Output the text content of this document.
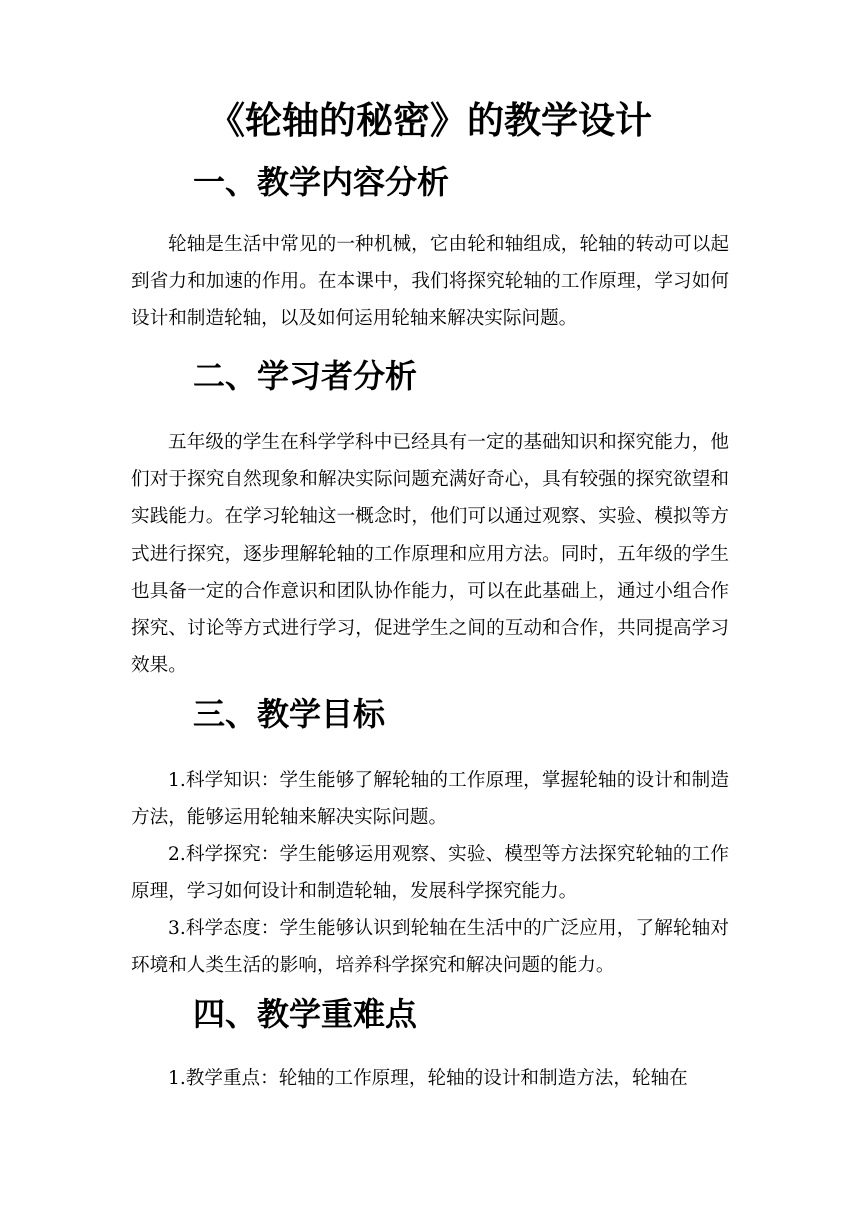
《轮轴的秘密》的教学设计
一、教学内容分析

轮轴是生活中常见的一种机械，它由轮和轴组成，轮轴的转动可以起到省力和加速的作用。在本课中，我们将探究轮轴的工作原理，学习如何设计和制造轮轴，以及如何运用轮轴来解决实际问题。

二、学习者分析

五年级的学生在科学学科中已经具有一定的基础知识和探究能力，他们对于探究自然现象和解决实际问题充满好奇心，具有较强的探究欲望和实践能力。在学习轮轴这一概念时，他们可以通过观察、实验、模拟等方式进行探究，逐步理解轮轴的工作原理和应用方法。同时，五年级的学生也具备一定的合作意识和团队协作能力，可以在此基础上，通过小组合作探究、讨论等方式进行学习，促进学生之间的互动和合作，共同提高学习效果。

三、教学目标

1.科学知识：学生能够了解轮轴的工作原理，掌握轮轴的设计和制造方法，能够运用轮轴来解决实际问题。

2.科学探究：学生能够运用观察、实验、模型等方法探究轮轴的工作原理，学习如何设计和制造轮轴，发展科学探究能力。

3.科学态度：学生能够认识到轮轴在生活中的广泛应用，了解轮轴对环境和人类生活的影响，培养科学探究和解决问题的能力。

四、教学重难点

1.教学重点：轮轴的工作原理，轮轴的设计和制造方法，轮轴在
